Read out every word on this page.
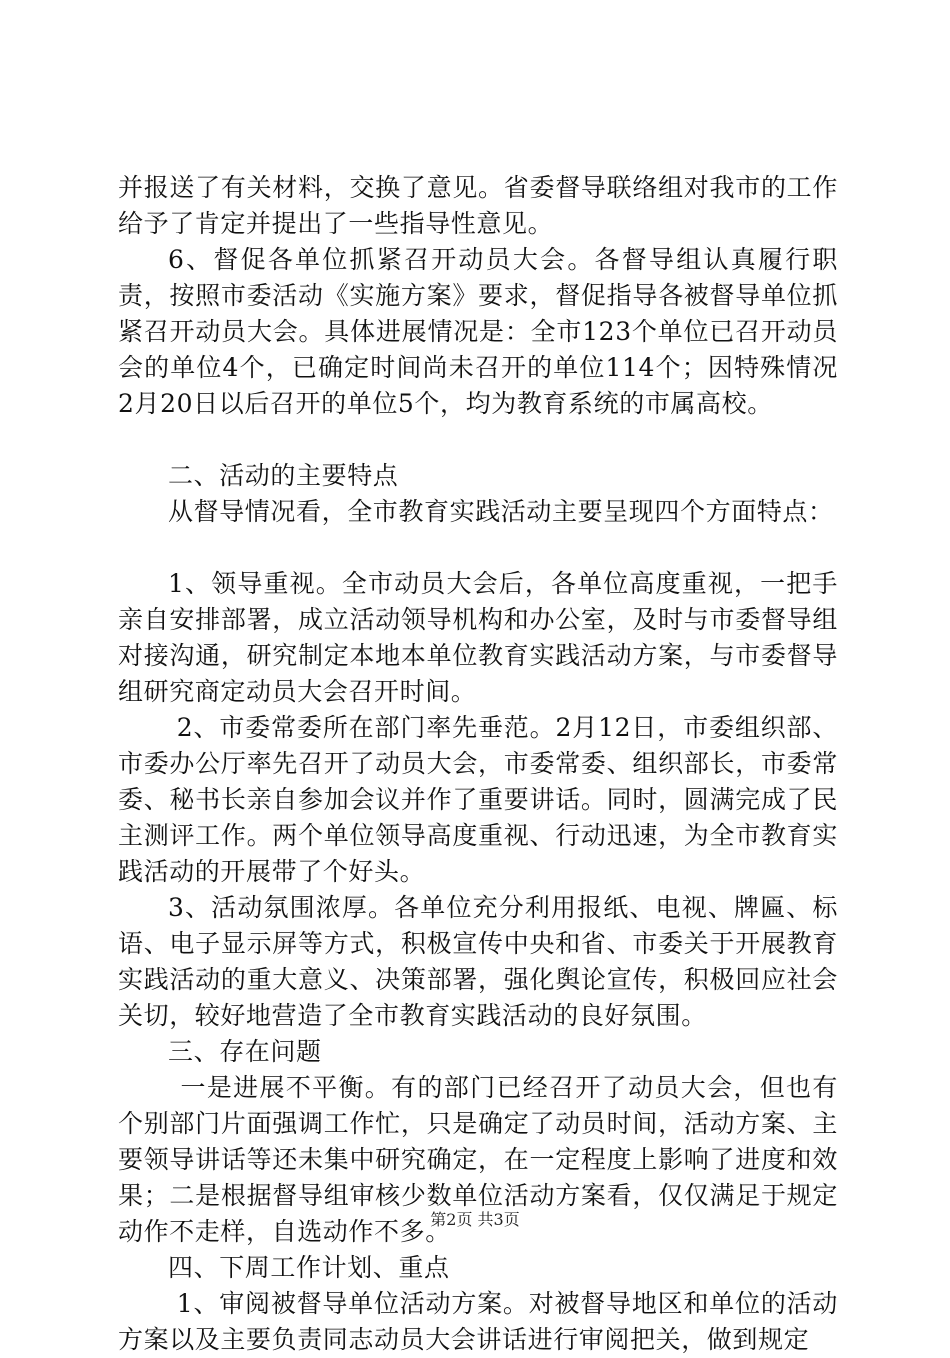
并报送了有关材料，交换了意见。省委督导联络组对我市的工作给予了肯定并提出了一些指导性意见。

6、督促各单位抓紧召开动员大会。各督导组认真履行职责，按照市委活动《实施方案》要求，督促指导各被督导单位抓紧召开动员大会。具体进展情况是：全市123个单位已召开动员会的单位4个，已确定时间尚未召开的单位114个；因特殊情况2月20日以后召开的单位5个，均为教育系统的市属高校。

二、活动的主要特点

从督导情况看，全市教育实践活动主要呈现四个方面特点：

1、领导重视。全市动员大会后，各单位高度重视，一把手亲自安排部署，成立活动领导机构和办公室，及时与市委督导组对接沟通，研究制定本地本单位教育实践活动方案，与市委督导组研究商定动员大会召开时间。

2、市委常委所在部门率先垂范。2月12日，市委组织部、市委办公厅率先召开了动员大会，市委常委、组织部长，市委常委、秘书长亲自参加会议并作了重要讲话。同时，圆满完成了民主测评工作。两个单位领导高度重视、行动迅速，为全市教育实践活动的开展带了个好头。

3、活动氛围浓厚。各单位充分利用报纸、电视、牌匾、标语、电子显示屏等方式，积极宣传中央和省、市委关于开展教育实践活动的重大意义、决策部署，强化舆论宣传，积极回应社会关切，较好地营造了全市教育实践活动的良好氛围。

三、存在问题

一是进展不平衡。有的部门已经召开了动员大会，但也有个别部门片面强调工作忙，只是确定了动员时间，活动方案、主要领导讲话等还未集中研究确定，在一定程度上影响了进度和效果；二是根据督导组审核少数单位活动方案看，仅仅满足于规定动作不走样，自选动作不多。

四、下周工作计划、重点

1、审阅被督导单位活动方案。对被督导地区和单位的活动方案以及主要负责同志动员大会讲话进行审阅把关，做到规定

第2页 共3页
